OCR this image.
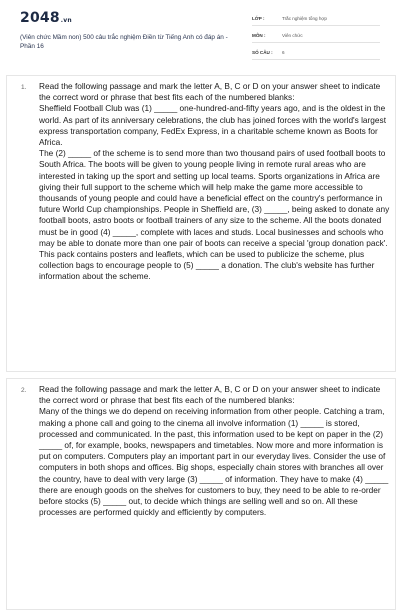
2048.vn
(Viên chức Mầm non) 500 câu trắc nghiệm Điền từ Tiếng Anh có đáp án - Phần 16
LỚP :	Trắc nghiệm tổng hợp
MÔN :	Viên chức
SỐ CÂU :	6
1. Read the following passage and mark the letter A, B, C or D on your answer sheet to indicate the correct word or phrase that best fits each of the numbered blanks:
Sheffield Football Club was (1) _____ one-hundred-and-fifty years ago, and is the oldest in the world. As part of its anniversary celebrations, the club has joined forces with the world's largest express transportation company, FedEx Express, in a charitable scheme known as Boots for Africa.
The (2) _____ of the scheme is to send more than two thousand pairs of used football boots to South Africa. The boots will be given to young people living in remote rural areas who are interested in taking up the sport and setting up local teams. Sports organizations in Africa are giving their full support to the scheme which will help make the game more accessible to thousands of young people and could have a beneficial effect on the country's performance in future World Cup championships. People in Sheffield are, (3) _____, being asked to donate any football boots, astro boots or football trainers of any size to the scheme. All the boots donated must be in good (4) _____, complete with laces and studs. Local businesses and schools who may be able to donate more than one pair of boots can receive a special 'group donation pack'. This pack contains posters and leaflets, which can be used to publicize the scheme, plus collection bags to encourage people to (5) _____ a donation. The club's website has further information about the scheme.
2. Read the following passage and mark the letter A, B, C or D on your answer sheet to indicate the correct word or phrase that best fits each of the numbered blanks:
Many of the things we do depend on receiving information from other people. Catching a tram, making a phone call and going to the cinema all involve information (1) _____ is stored, processed and communicated. In the past, this information used to be kept on paper in the (2) _____ of, for example, books, newspapers and timetables. Now more and more information is put on computers. Computers play an important part in our everyday lives. Consider the use of computers in both shops and offices. Big shops, especially chain stores with branches all over the country, have to deal with very large (3) _____ of information. They have to make (4) _____ there are enough goods on the shelves for customers to buy, they need to be able to re-order before stocks (5) _____ out, to decide which things are selling well and so on. All these processes are performed quickly and efficiently by computers.
